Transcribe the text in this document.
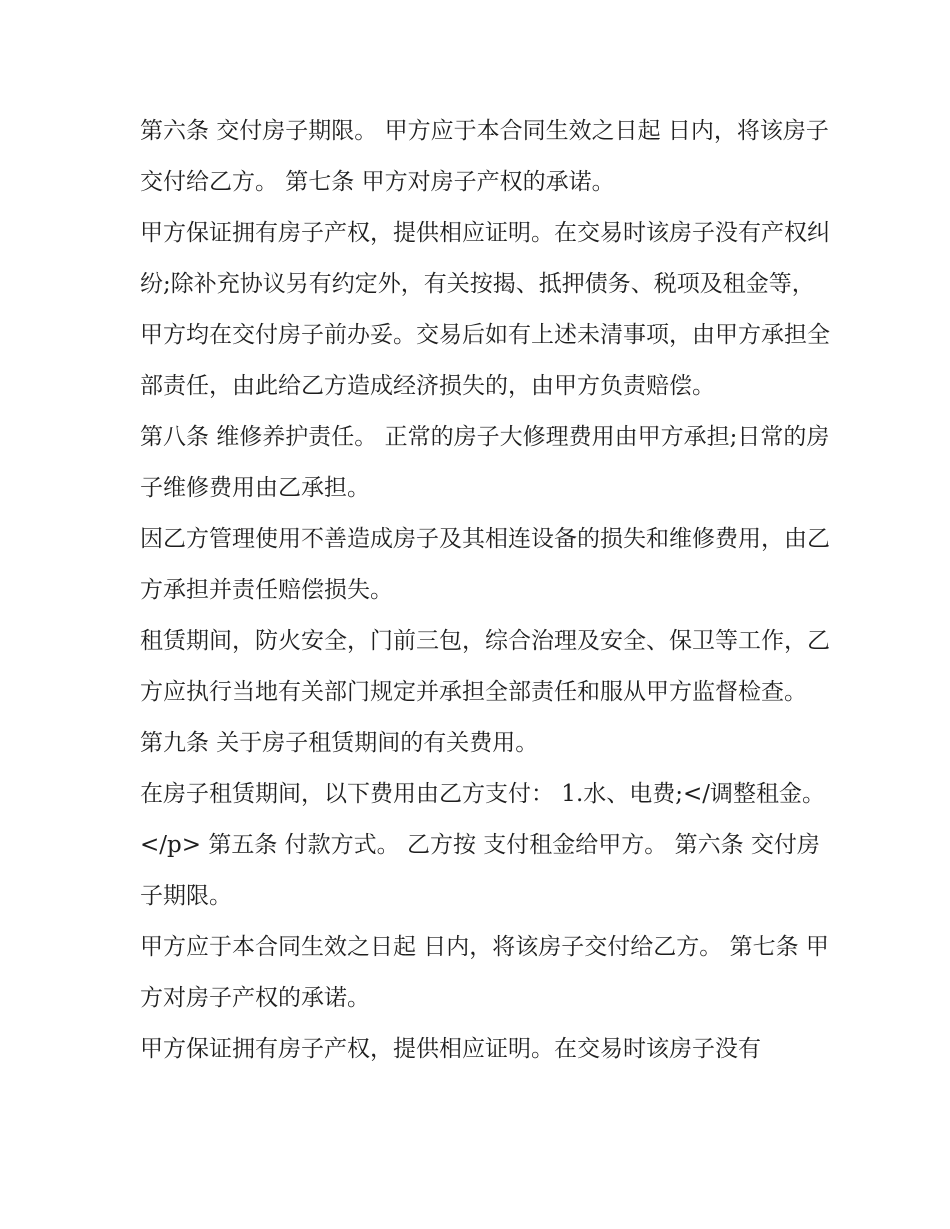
第六条 交付房子期限。 甲方应于本合同生效之日起 日内，将该房子交付给乙方。 第七条 甲方对房子产权的承诺。

甲方保证拥有房子产权，提供相应证明。在交易时该房子没有产权纠纷;除补充协议另有约定外，有关按揭、抵押债务、税项及租金等，甲方均在交付房子前办妥。交易后如有上述未清事项，由甲方承担全部责任，由此给乙方造成经济损失的，由甲方负责赔偿。

第八条 维修养护责任。 正常的房子大修理费用由甲方承担;日常的房子维修费用由乙承担。

因乙方管理使用不善造成房子及其相连设备的损失和维修费用，由乙方承担并责任赔偿损失。

租赁期间，防火安全，门前三包，综合治理及安全、保卫等工作，乙方应执行当地有关部门规定并承担全部责任和服从甲方监督检查。 第九条 关于房子租赁期间的有关费用。

在房子租赁期间，以下费用由乙方支付： 1.水、电费;</调整租金。</p> 第五条 付款方式。 乙方按 支付租金给甲方。 第六条 交付房子期限。

甲方应于本合同生效之日起 日内，将该房子交付给乙方。 第七条 甲方对房子产权的承诺。

甲方保证拥有房子产权，提供相应证明。在交易时该房子没有
